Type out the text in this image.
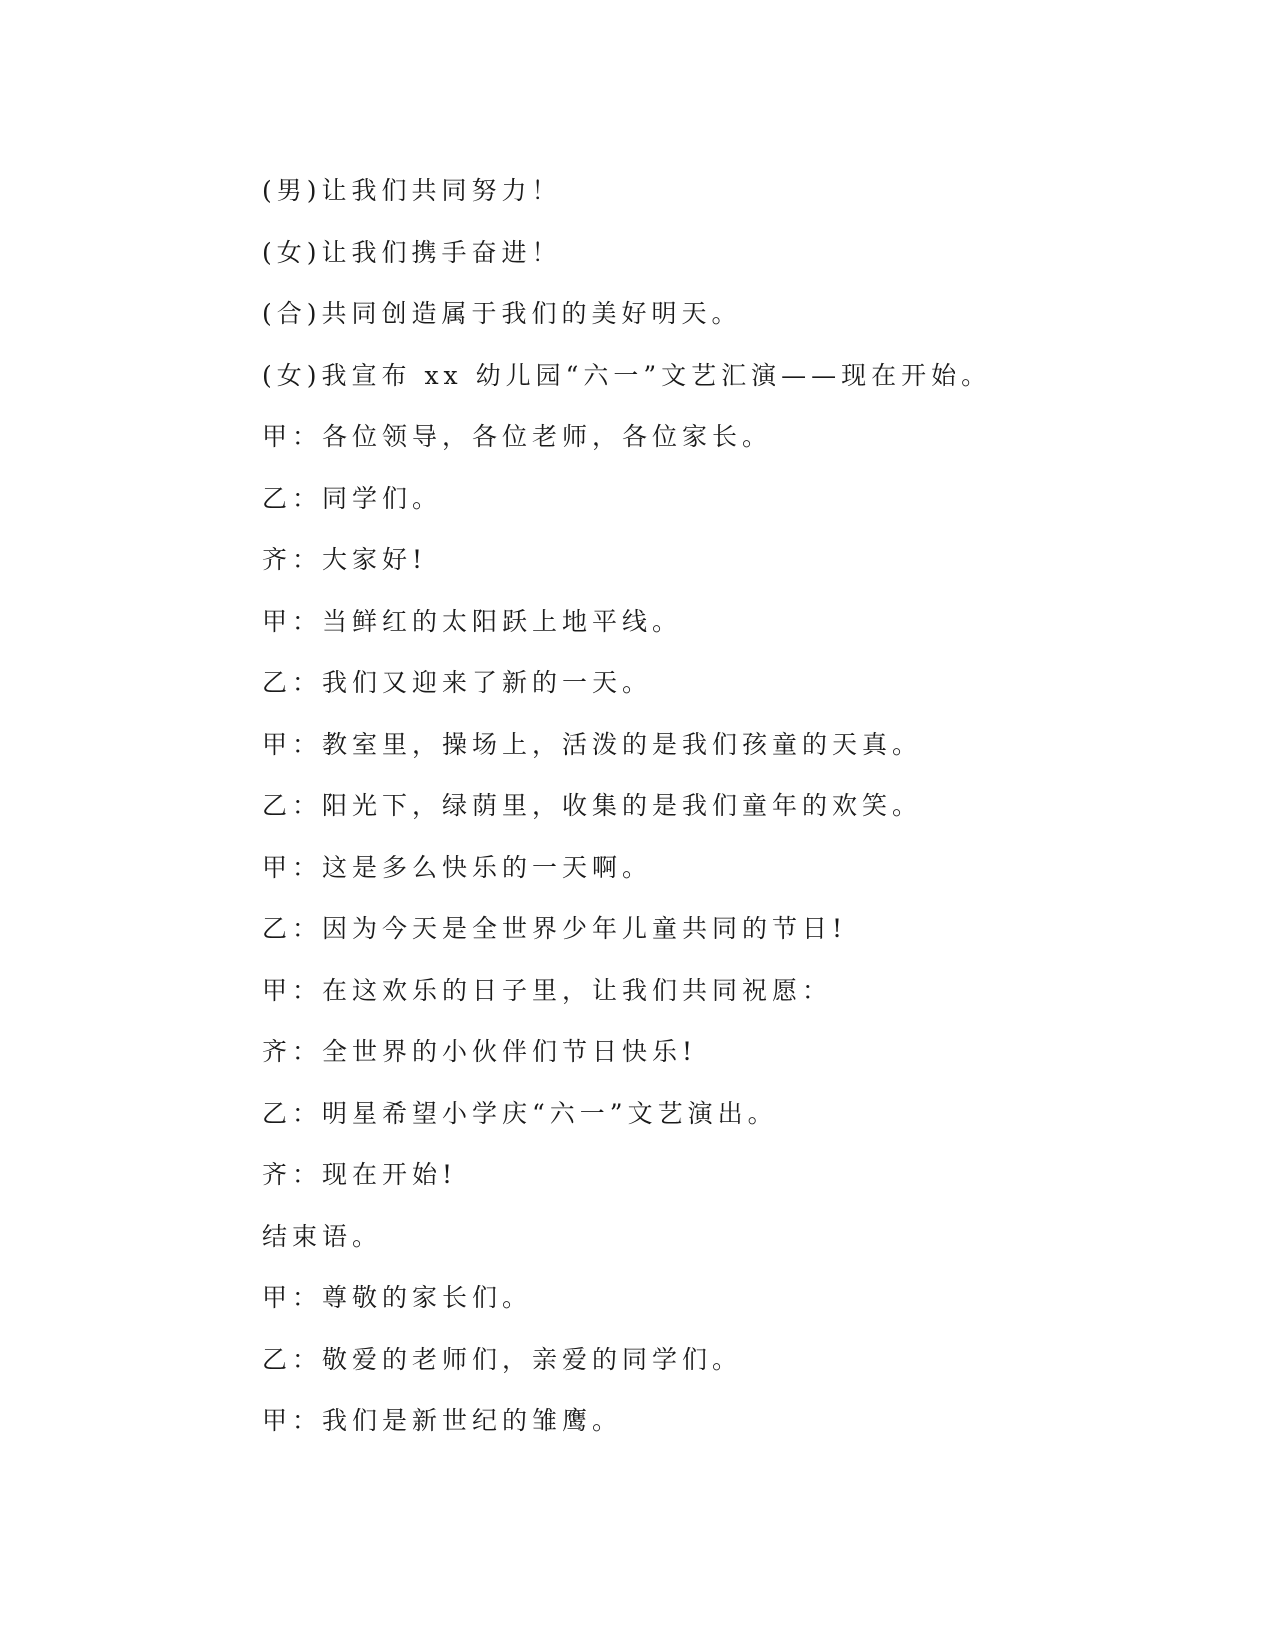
(男)让我们共同努力！
(女)让我们携手奋进！
(合)共同创造属于我们的美好明天。
(女)我宣布 xx 幼儿园“六一”文艺汇演——现在开始。
甲：各位领导，各位老师，各位家长。
乙：同学们。
齐：大家好!
甲：当鲜红的太阳跃上地平线。
乙：我们又迎来了新的一天。
甲：教室里，操场上，活泼的是我们孩童的天真。
乙：阳光下，绿荫里，收集的是我们童年的欢笑。
甲：这是多么快乐的一天啊。
乙：因为今天是全世界少年儿童共同的节日!
甲：在这欢乐的日子里，让我们共同祝愿：
齐：全世界的小伙伴们节日快乐!
乙：明星希望小学庆“六一”文艺演出。
齐：现在开始!
结束语。
甲：尊敬的家长们。
乙：敬爱的老师们，亲爱的同学们。
甲：我们是新世纪的雏鹰。
